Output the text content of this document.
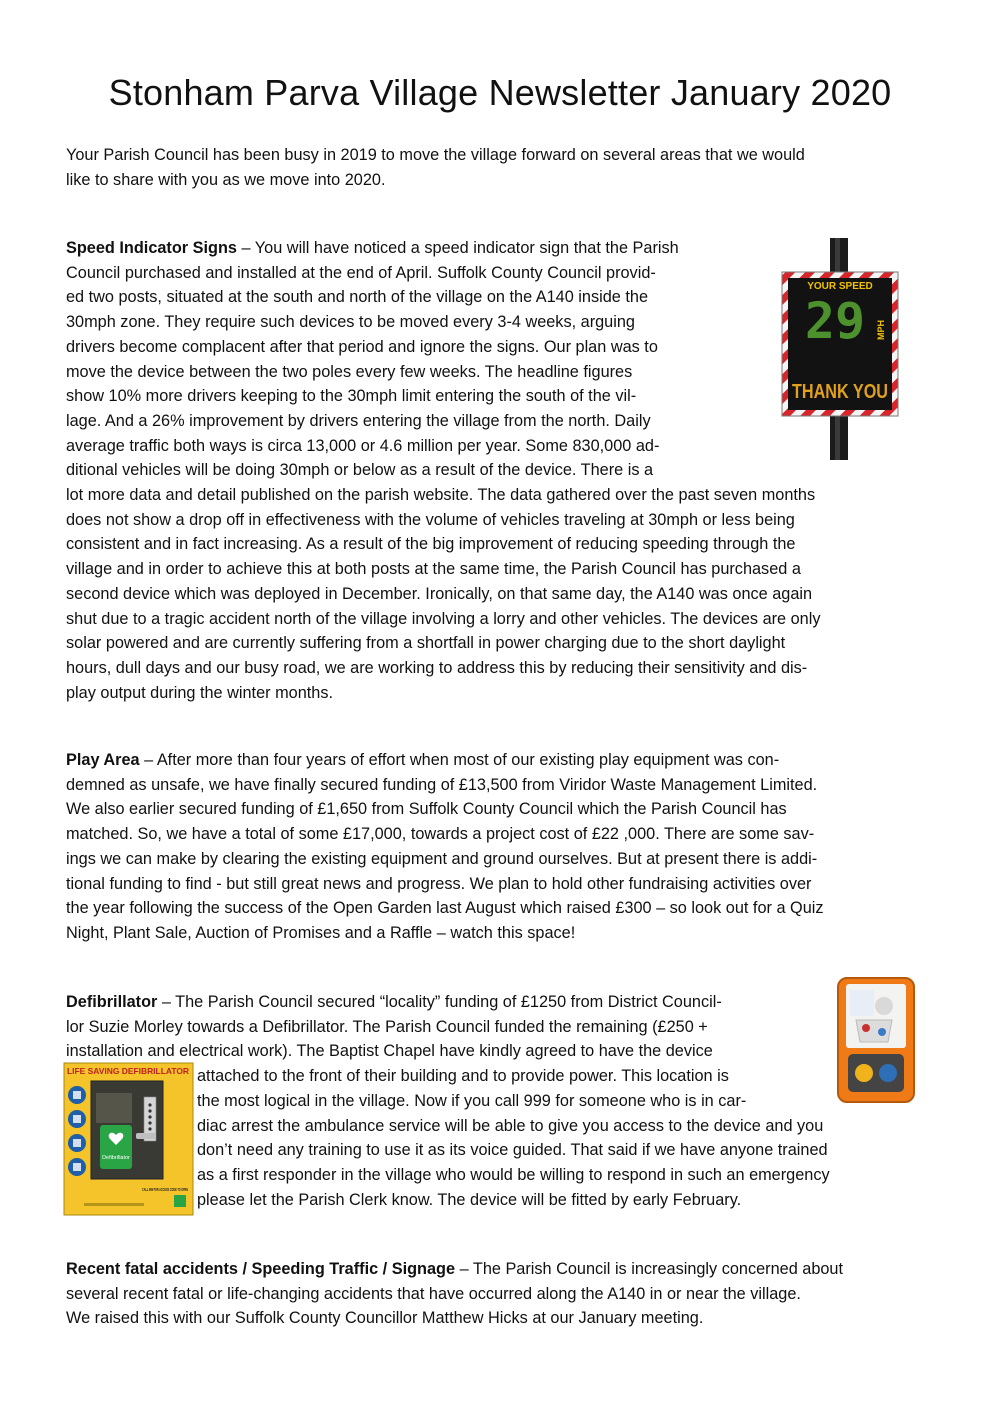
Stonham Parva Village Newsletter January 2020
Your Parish Council has been busy in 2019 to move the village forward on several areas that we would
like to share with you as we move into 2020.
Speed Indicator Signs – You will have noticed a speed indicator sign that the Parish
Council purchased and installed at the end of April. Suffolk County Council provid-
ed two posts, situated at the south and north of the village on the A140 inside the
30mph zone. They require such devices to be moved every 3-4 weeks, arguing
drivers become complacent after that period and ignore the signs. Our plan was to
move the device between the two poles every few weeks. The headline figures
show 10% more drivers keeping to the 30mph limit entering the south of the vil-
lage. And a 26% improvement by drivers entering the village from the north. Daily
average traffic both ways is circa 13,000 or 4.6 million per year. Some 830,000 ad-
ditional vehicles will be doing 30mph or below as a result of the device. There is a
lot more data and detail published on the parish website. The data gathered over the past seven months
does not show a drop off in effectiveness with the volume of vehicles traveling at 30mph or less being
consistent and in fact increasing. As a result of the big improvement of reducing speeding through the
village and in order to achieve this at both posts at the same time, the Parish Council has purchased a
second device which was deployed in December. Ironically, on that same day, the A140 was once again
shut due to a tragic accident north of the village involving a lorry and other vehicles. The devices are only
solar powered and are currently suffering from a shortfall in power charging due to the short daylight
hours, dull days and our busy road, we are working to address this by reducing their sensitivity and dis-
play output during the winter months.
YOUR SPEED
29 MPH
THANK YOU
Play Area – After more than four years of effort when most of our existing play equipment was con-
demned as unsafe, we have finally secured funding of £13,500 from Viridor Waste Management Limited.
We also earlier secured funding of £1,650 from Suffolk County Council which the Parish Council has
matched. So, we have a total of some £17,000, towards a project cost of £22 ,000. There are some sav-
ings we can make by clearing the existing equipment and ground ourselves. But at present there is addi-
tional funding to find - but still great news and progress. We plan to hold other fundraising activities over
the year following the success of the Open Garden last August which raised £300 – so look out for a Quiz
Night, Plant Sale, Auction of Promises and a Raffle – watch this space!
Defibrillator – The Parish Council secured “locality” funding of £1250 from District Council-
lor Suzie Morley towards a Defibrillator. The Parish Council funded the remaining (£250 +
installation and electrical work). The Baptist Chapel have kindly agreed to have the device
attached to the front of their building and to provide power. This location is
the most logical in the village. Now if you call 999 for someone who is in car-
diac arrest the ambulance service will be able to give you access to the device and you
don’t need any training to use it as its voice guided. That said if we have anyone trained
as a first responder in the village who would be willing to respond in such an emergency
please let the Parish Clerk know. The device will be fitted by early February.
LIFE SAVING DEFIBRILLATOR
Defibrillator
CALL 999 FOR ACCESS CODE TO OPEN
Recent fatal accidents / Speeding Traffic / Signage – The Parish Council is increasingly concerned about
several recent fatal or life-changing accidents that have occurred along the A140 in or near the village.
We raised this with our Suffolk County Councillor Matthew Hicks at our January meeting.
